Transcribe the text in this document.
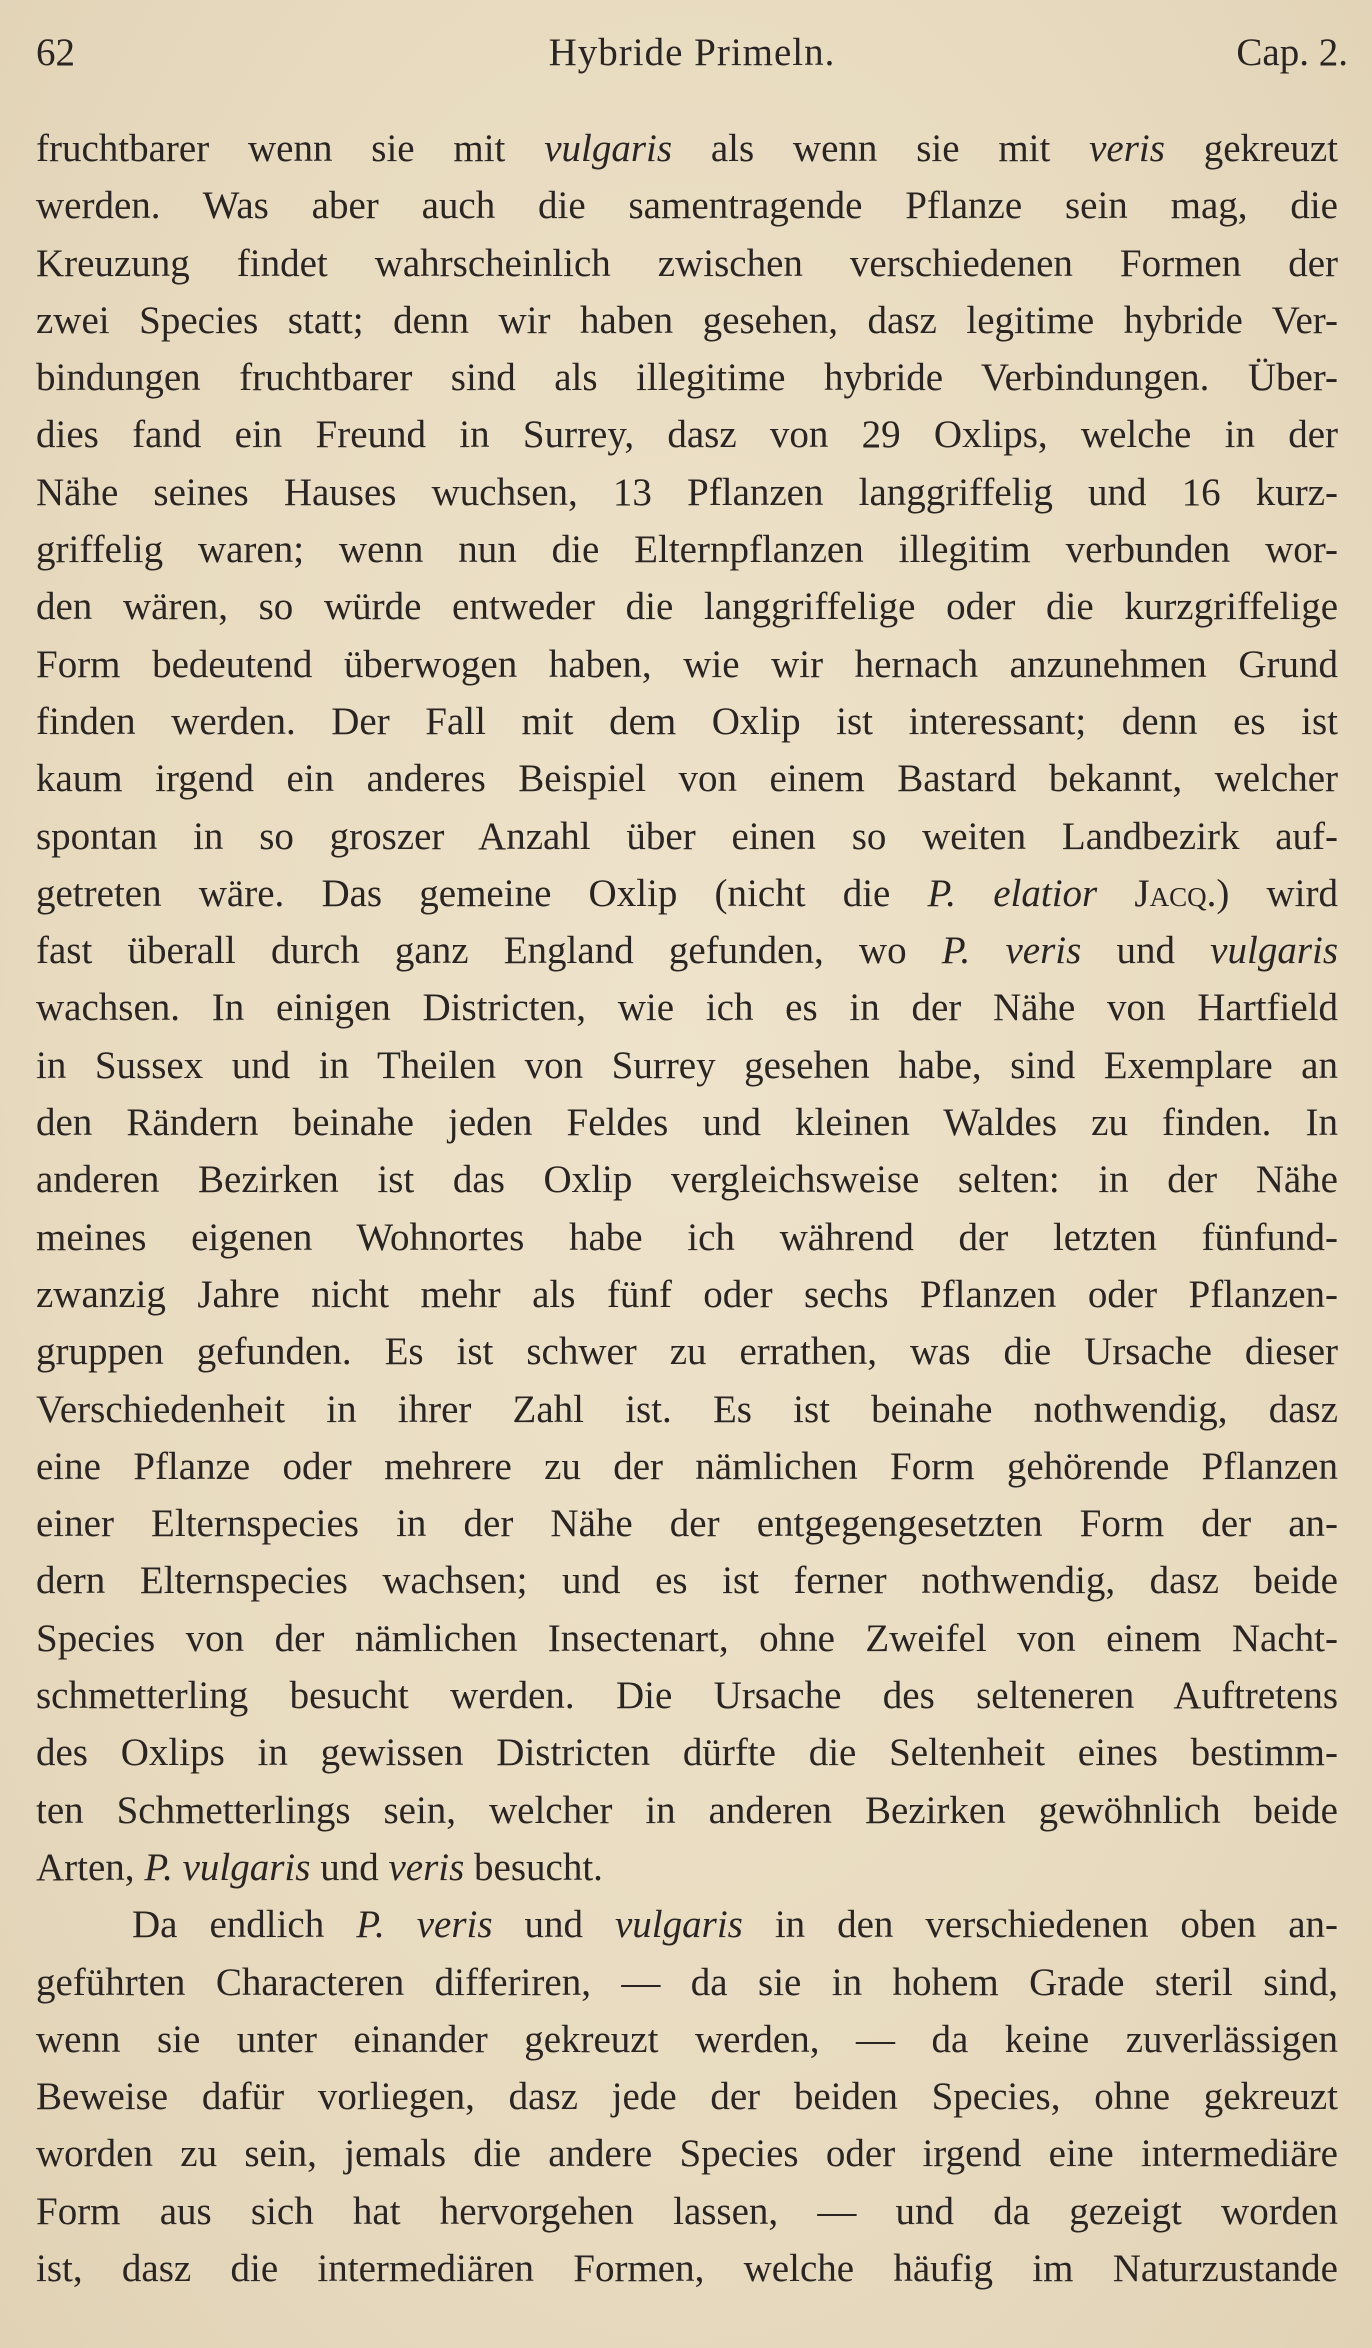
62	Hybride Primeln.	Cap. 2.
fruchtbarer wenn sie mit vulgaris als wenn sie mit veris gekreuzt
werden. Was aber auch die samentragende Pflanze sein mag, die
Kreuzung findet wahrscheinlich zwischen verschiedenen Formen der
zwei Species statt; denn wir haben gesehen, dasz legitime hybride Ver-
bindungen fruchtbarer sind als illegitime hybride Verbindungen. Über-
dies fand ein Freund in Surrey, dasz von 29 Oxlips, welche in der
Nähe seines Hauses wuchsen, 13 Pflanzen langgriffelig und 16 kurz-
griffelig waren; wenn nun die Elternpflanzen illegitim verbunden wor-
den wären, so würde entweder die langgriffelige oder die kurzgriffelige
Form bedeutend überwogen haben, wie wir hernach anzunehmen Grund
finden werden. Der Fall mit dem Oxlip ist interessant; denn es ist
kaum irgend ein anderes Beispiel von einem Bastard bekannt, welcher
spontan in so groszer Anzahl über einen so weiten Landbezirk auf-
getreten wäre. Das gemeine Oxlip (nicht die P. elatior Jacq.) wird
fast überall durch ganz England gefunden, wo P. veris und vulgaris
wachsen. In einigen Districten, wie ich es in der Nähe von Hartfield
in Sussex und in Theilen von Surrey gesehen habe, sind Exemplare an
den Rändern beinahe jeden Feldes und kleinen Waldes zu finden. In
anderen Bezirken ist das Oxlip vergleichsweise selten: in der Nähe
meines eigenen Wohnortes habe ich während der letzten fünfund-
zwanzig Jahre nicht mehr als fünf oder sechs Pflanzen oder Pflanzen-
gruppen gefunden. Es ist schwer zu errathen, was die Ursache dieser
Verschiedenheit in ihrer Zahl ist. Es ist beinahe nothwendig, dasz
eine Pflanze oder mehrere zu der nämlichen Form gehörende Pflanzen
einer Elternspecies in der Nähe der entgegengesetzten Form der an-
dern Elternspecies wachsen; und es ist ferner nothwendig, dasz beide
Species von der nämlichen Insectenart, ohne Zweifel von einem Nacht-
schmetterling besucht werden. Die Ursache des selteneren Auftretens
des Oxlips in gewissen Districten dürfte die Seltenheit eines bestimm-
ten Schmetterlings sein, welcher in anderen Bezirken gewöhnlich beide
Arten, P. vulgaris und veris besucht.
Da endlich P. veris und vulgaris in den verschiedenen oben an-
geführten Characteren differiren, — da sie in hohem Grade steril sind,
wenn sie unter einander gekreuzt werden, — da keine zuverlässigen
Beweise dafür vorliegen, dasz jede der beiden Species, ohne gekreuzt
worden zu sein, jemals die andere Species oder irgend eine intermediäre
Form aus sich hat hervorgehen lassen, — und da gezeigt worden
ist, dasz die intermediären Formen, welche häufig im Naturzustande
